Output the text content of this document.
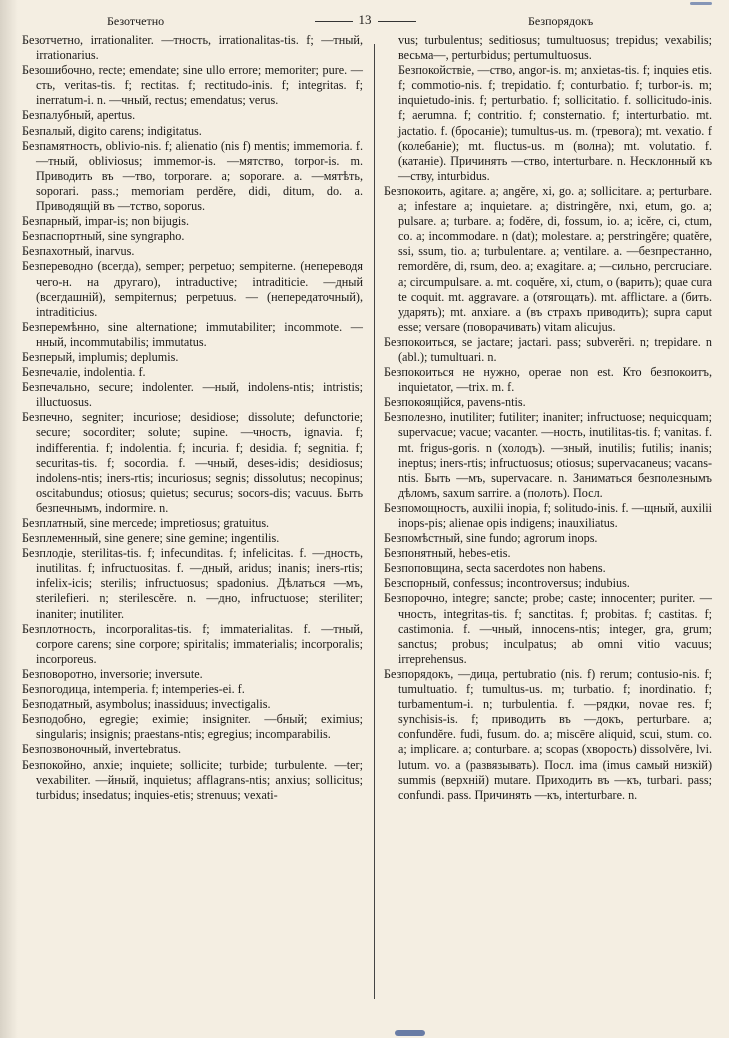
Безотчетно	13	Безпорядокъ

Безотчетно, irrationaliter. —тность, irrationalitas-tis. f; —тный, irrationarius.

Безошибочно, recte; emendate; sine ullo errore; memoriter; pure. —сть, veritas-tis. f; rectitas. f; rectitudo-inis. f; integritas. f; inerratum-i. n. —чный, rectus; emendatus; verus.

Безпалубный, apertus.

Безпалый, digito carens; indigitatus.

Безпамятность, oblivio-nis. f; alienatio (nis f) mentis; immemoria. f. —тный, obliviosus; immemor-is. —мятство, torpor-is. m. Приводить въ —тво, torporare. a; soporare. a. —мятѣть, soporari. pass.; memoriam perdĕre, didi, ditum, do. a. Приводящій въ —тство, soporus.

Безпарный, impar-is; non bijugis.

Безпаспортный, sine syngrapho.

Безпахотный, inarvus.

Безпереводно (всегда), semper; perpetuo; sempiterne. (непереводя чего-н. на другаго), intraductive; intraditicie. —дный (всегдашній), sempiternus; perpetuus. — (непередаточный), intraditicius.

Безперемѣнно, sine alternatione; immutabiliter; incommote. —нный, incommutabilis; immutatus.

Безперый, implumis; deplumis.

Безпечаліе, indolentia. f.

Безпечально, secure; indolenter. —ный, indolens-ntis; intristis; illuctuosus.

Безпечно, segniter; incuriose; desidiose; dissolute; defunctorie; secure; socorditer; solute; supine. —чность, ignavia. f; indifferentia. f; indolentia. f; incuria. f; desidia. f; segnitia. f; securitas-tis. f; socordia. f. —чный, deses-idis; desidiosus; indolens-ntis; iners-rtis; incuriosus; segnis; dissolutus; necopinus; oscitabundus; otiosus; quietus; securus; socors-dis; vacuus. Быть безпечнымъ, indormire. n.

Безплатный, sine mercede; impretiosus; gratuitus.

Безплеменный, sine genere; sine gemine; ingentilis.

Безплодіе, sterilitas-tis. f; infecunditas. f; infelicitas. f. —дность, inutilitas. f; infructuositas. f. —дный, aridus; inanis; iners-rtis; infelix-icis; sterilis; infructuosus; spadonius. Дѣлаться —мъ, sterilefieri. n; sterilescĕre. n. —дно, infructuose; steriliter; inaniter; inutiliter.

Безплотность, incorporalitas-tis. f; immaterialitas. f. —тный, corpore carens; sine corpore; spiritalis; immaterialis; incorporalis; incorporeus.

Безповоротно, inversorie; inversute.

Безпогодица, intemperia. f; intemperies-ei. f.

Безподатный, asymbolus; inassiduus; invectigalis.

Безподобно, egregie; eximie; insigniter. —бный; eximius; singularis; insignis; praestans-ntis; egregius; incomparabilis.

Безпозвоночный, invertebratus.

Безпокойно, anxie; inquiete; sollicite; turbide; turbulente. —ter; vexabiliter. —йный, inquietus; afflagrans-ntis; anxius; sollicitus; turbidus; insedatus; inquies-etis; strenuus; vexati-

vus; turbulentus; seditiosus; tumultuosus; trepidus; vexabilis; весьма—, perturbidus; pertumultuosus.

Безпокойствіе, —ство, angor-is. m; anxietas-tis. f; inquies etis. f; commotio-nis. f; trepidatio. f; conturbatio. f; turbor-is. m; inquietudo-inis. f; perturbatio. f; sollicitatio. f. sollicitudo-inis. f; aerumna. f; contritio. f; consternatio. f; interturbatio. mt. jactatio. f. (бросаніе); tumultus-us. m. (тревога); mt. vexatio. f (колебаніе); mt. fluctus-us. m (волна); mt. volutatio. f. (катаніе). Причинять —ство, interturbare. n. Несклонный къ —ству, inturbidus.

Безпокоить, agitare. a; angĕre, xi, go. a; sollicitare. a; perturbare. a; infestare a; inquietare. a; distringĕre, nxi, etum, go. a; pulsare. a; turbare. a; fodĕre, di, fossum, io. a; icĕre, ci, ctum, co. a; incommodare. n (dat); molestare. a; perstringĕre; quatĕre, ssi, ssum, tio. a; turbulentare. a; ventilare. a. —безпрестанно, remordĕre, di, rsum, deo. a; exagitare. a; —сильно, percruciare. a; circumpulsare. a. mt. coquĕre, xi, ctum, o (варить); quae cura te coquit. mt. aggravare. a (отягощать). mt. afflictare. a (бить. ударять); mt. anxiare. a (въ страхъ приводить); supra caput esse; versare (поворачивать) vitam alicujus.

Безпокоиться, se jactare; jactari. pass; subverĕri. n; trepidare. n (abl.); tumultuari. n.

Безпокоиться не нужно, operae non est. Кто безпокоитъ, inquietator, —trix. m. f.

Безпокоящійся, pavens-ntis.

Безполезно, inutiliter; futiliter; inaniter; infructuose; nequicquam; supervacue; vacue; vacanter. —ность, inutilitas-tis. f; vanitas. f. mt. frigus-goris. n (холодъ). —зный, inutilis; futilis; inanis; ineptus; iners-rtis; infructuosus; otiosus; supervacaneus; vacans-ntis. Быть —мъ, supervacare. n. Заниматься безполезнымъ дѣломъ, saxum sarrire. a (полоть). Посл.

Безпомощность, auxilii inopia, f; solitudo-inis. f. —щный, auxilii inops-pis; alienae opis indigens; inauxiliatus.

Безпомѣстный, sine fundo; agrorum inops.

Безпонятный, hebes-etis.

Безпоповщина, secta sacerdotes non habens.

Безспорный, confessus; incontroversus; indubius.

Безпорочно, integre; sancte; probe; caste; innocenter; puriter. —чность, integritas-tis. f; sanctitas. f; probitas. f; castitas. f; castimonia. f. —чный, innocens-ntis; integer, gra, grum; sanctus; probus; inculpatus; ab omni vitio vacuus; irreprehensus.

Безпорядокъ, —дица, pertubratio (nis. f) rerum; contusio-nis. f; tumultuatio. f; tumultus-us. m; turbatio. f; inordinatio. f; turbamentum-i. n; turbulentia. f. —рядки, novae res. f; synchisis-is. f; приводить въ —докъ, perturbare. a; confundĕre. fudi, fusum. do. a; miscēre aliquid, scui, stum. co. a; implicare. a; conturbare. a; scopas (хворость) dissolvĕre, lvi. lutum. vo. a (развязывать). Посл. ima (imus самый низкій) summis (верхній) mutare. Приходить въ —къ, turbari. pass; confundi. pass. Причинять —къ, interturbare. n.
